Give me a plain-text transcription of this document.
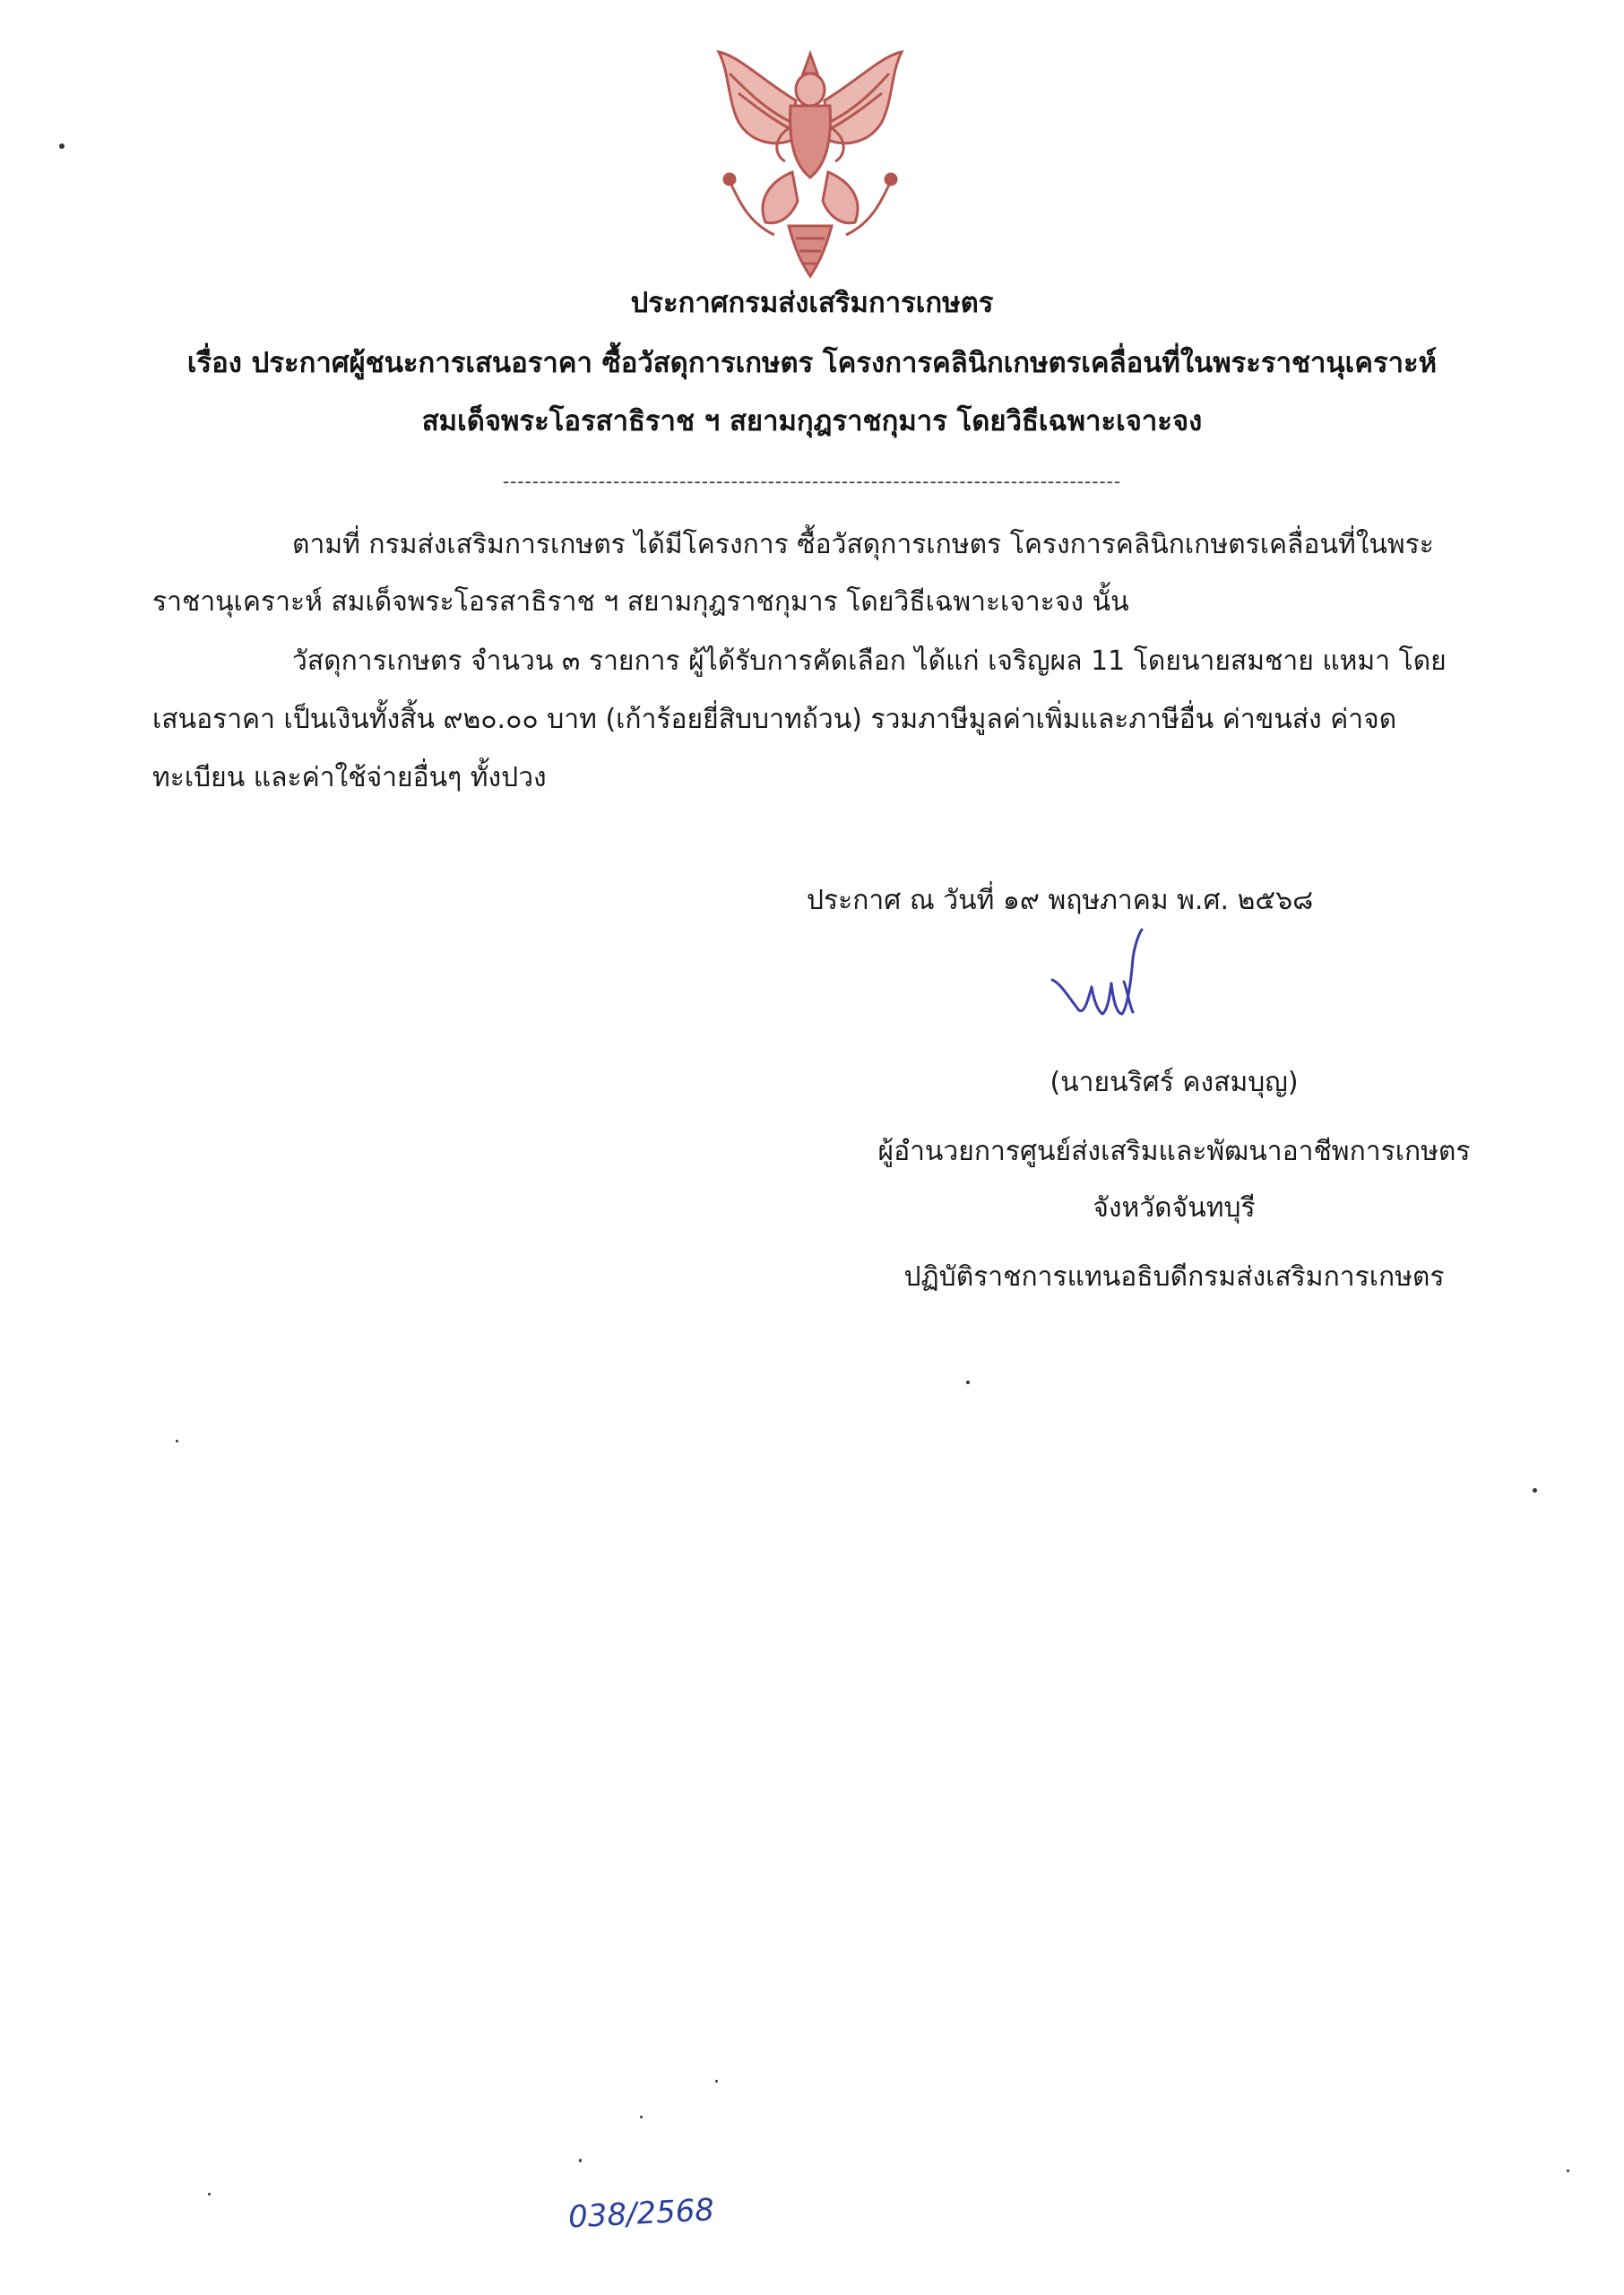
ประกาศกรมส่งเสริมการเกษตร
เรื่อง ประกาศผู้ชนะการเสนอราคา ซื้อวัสดุการเกษตร โครงการคลินิกเกษตรเคลื่อนที่ในพระราชานุเคราะห์
สมเด็จพระโอรสาธิราช ฯ สยามกุฎราชกุมาร โดยวิธีเฉพาะเจาะจง
------------------------------------------------------------------------------------
ตามที่ กรมส่งเสริมการเกษตร ได้มีโครงการ ซื้อวัสดุการเกษตร โครงการคลินิกเกษตรเคลื่อนที่ในพระ
ราชานุเคราะห์ สมเด็จพระโอรสาธิราช ฯ สยามกุฎราชกุมาร โดยวิธีเฉพาะเจาะจง นั้น
วัสดุการเกษตร จำนวน ๓ รายการ ผู้ได้รับการคัดเลือก ได้แก่ เจริญผล 11 โดยนายสมชาย แหมา โดย
เสนอราคา เป็นเงินทั้งสิ้น ๙๒๐.๐๐ บาท (เก้าร้อยยี่สิบบาทถ้วน) รวมภาษีมูลค่าเพิ่มและภาษีอื่น ค่าขนส่ง ค่าจด
ทะเบียน และค่าใช้จ่ายอื่นๆ ทั้งปวง
ประกาศ ณ วันที่ ๑๙ พฤษภาคม พ.ศ. ๒๕๖๘
(นายนริศร์ คงสมบุญ)
ผู้อำนวยการศูนย์ส่งเสริมและพัฒนาอาชีพการเกษตร
จังหวัดจันทบุรี
ปฏิบัติราชการแทนอธิบดีกรมส่งเสริมการเกษตร
038/2568
